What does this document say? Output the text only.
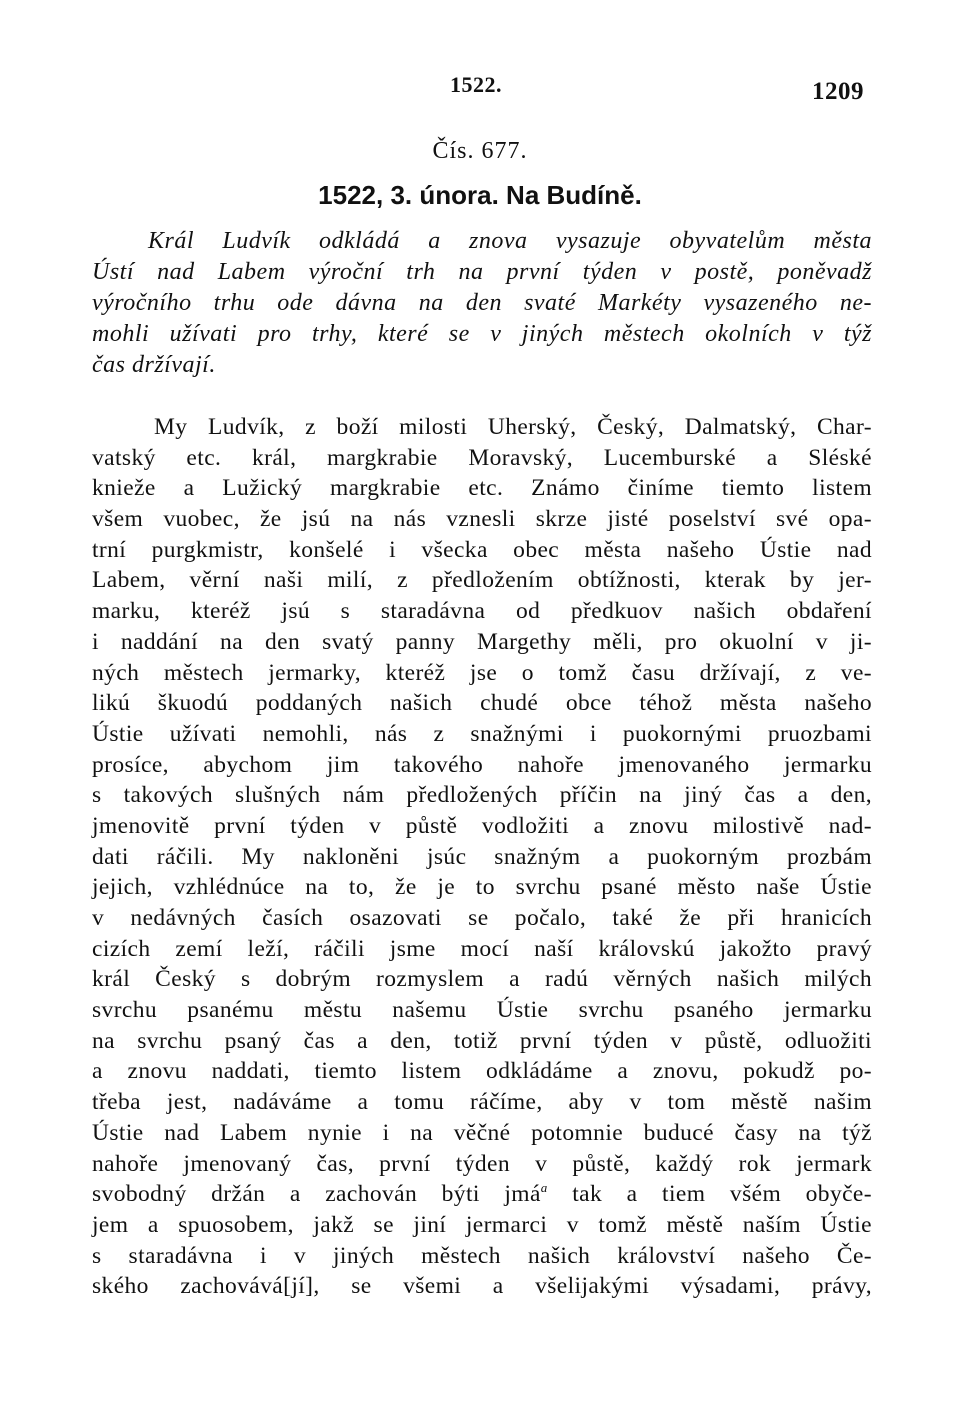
1522.	1209
Čís. 677.
1522, 3. února. Na Budíně.

Král Ludvík odkládá a znova vysazuje obyvatelům města
Ústí nad Labem výroční trh na první týden v postě, poněvadž
výročního trhu ode dávna na den svaté Markéty vysazeného ne-
mohli užívati pro trhy, které se v jiných městech okolních v týž
čas držívají.

My Ludvík, z boží milosti Uherský, Český, Dalmatský, Char-
vatský etc. král, margkrabie Moravský, Lucemburské a Sléské
knieže a Lužický margkrabie etc. Známo činíme tiemto listem
všem vuobec, že jsú na nás vznesli skrze jisté poselství své opa-
trní purgkmistr, konšelé i všecka obec města našeho Ústie nad
Labem, věrní naši milí, z předložením obtížnosti, kterak by jer-
marku, kteréž jsú s staradávna od předkuov našich obdaření
i naddání na den svatý panny Margethy měli, pro okuolní v ji-
ných městech jermarky, kteréž jse o tomž času držívají, z ve-
likú škuodú poddaných našich chudé obce téhož města našeho
Ústie užívati nemohli, nás z snažnými i puokornými pruozbami
prosíce, abychom jim takového nahoře jmenovaného jermarku
s takových slušných nám předložených příčin na jiný čas a den,
jmenovitě první týden v půstě vodložiti a znovu milostivě nad-
dati ráčili. My nakloněni jsúc snažným a puokorným prozbám
jejich, vzhlédnúce na to, že je to svrchu psané město naše Ústie
v nedávných časích osazovati se počalo, také že při hranicích
cizích zemí leží, ráčili jsme mocí naší královskú jakožto pravý
král Český s dobrým rozmyslem a radú věrných našich milých
svrchu psanému městu našemu Ústie svrchu psaného jermarku
na svrchu psaný čas a den, totiž první týden v půstě, odluožiti
a znovu naddati, tiemto listem odkládáme a znovu, pokudž po-
třeba jest, nadáváme a tomu ráčíme, aby v tom městě našim
Ústie nad Labem nynie i na věčné potomnie buducé časy na týž
nahoře jmenovaný čas, první týden v půstě, každý rok jermark
svobodný držán a zachován býti jmá$^a$ tak a tiem všém obyče-
jem a spuosobem, jakž se jiní jermarci v tomž městě naším Ústie
s staradávna i v jiných městech našich království našeho Če-
ského zachovává[jí], se všemi a všelijakými výsadami, právy,
